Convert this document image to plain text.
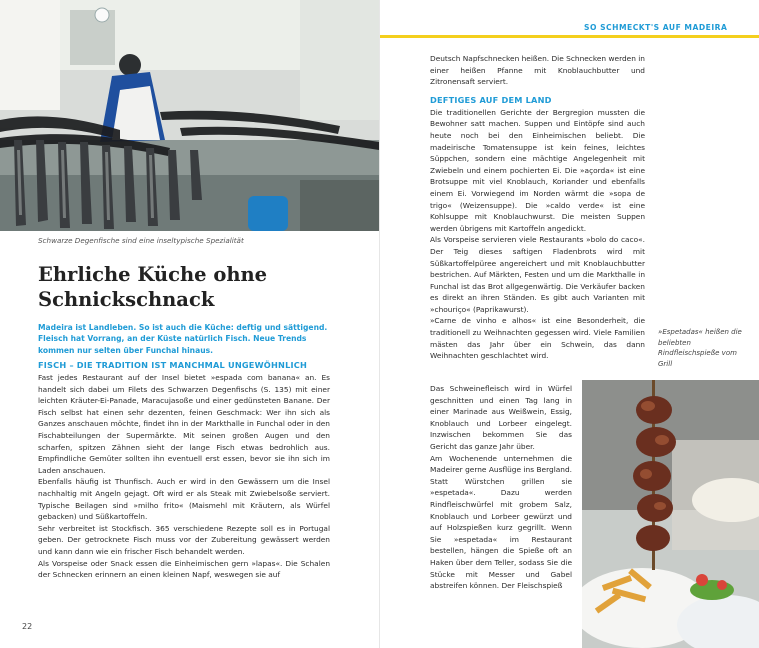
Schwarze Degenfische sind eine inseltypische Spezialität
Ehrliche Küche ohne
Schnickschnack

Madeira ist Landleben. So ist auch die Küche: deftig und sättigend. Fleisch hat Vorrang, an der Küste natürlich Fisch. Neue Trends kommen nur selten über Funchal hinaus.

FISCH – DIE TRADITION IST MANCHMAL UNGEWÖHNLICH

Fast jedes Restaurant auf der Insel bietet »espada com banana« an. Es handelt sich dabei um Filets des Schwarzen Degenfischs (S. 135) mit einer leichten Kräuter-Ei-Panade, Maracujasoße und einer gedünsteten Banane. Der Fisch selbst hat einen sehr dezenten, feinen Geschmack: Wer ihn sich als Ganzes anschauen möchte, findet ihn in der Markthalle in Funchal oder in den Fischabteilungen der Supermärkte. Mit seinen großen Augen und den scharfen, spitzen Zähnen sieht der lange Fisch etwas bedrohlich aus. Empfindliche Gemüter sollten ihn eventuell erst essen, bevor sie ihn sich im Laden anschauen.

Ebenfalls häufig ist Thunfisch. Auch er wird in den Gewässern um die Insel nachhaltig mit Angeln gejagt. Oft wird er als Steak mit Zwiebelsoße serviert. Typische Beilagen sind »milho frito« (Maismehl mit Kräutern, als Würfel gebacken) und Süßkartoffeln.

Sehr verbreitet ist Stockfisch. 365 verschiedene Rezepte soll es in Portugal geben. Der getrocknete Fisch muss vor der Zubereitung gewässert werden und kann dann wie ein frischer Fisch behandelt werden.

Als Vorspeise oder Snack essen die Einheimischen gern »lapas«. Die Schalen der Schnecken erinnern an einen kleinen Napf, weswegen sie auf

22
SO SCHMECKT'S AUF MADEIRA

Deutsch Napfschnecken heißen. Die Schnecken werden in einer heißen Pfanne mit Knoblauchbutter und Zitronensaft serviert.

DEFTIGES AUF DEM LAND

Die traditionellen Gerichte der Bergregion mussten die Bewohner satt machen. Suppen und Eintöpfe sind auch heute noch bei den Einheimischen beliebt. Die madeirische Tomatensuppe ist kein feines, leichtes Süppchen, sondern eine mächtige Angelegenheit mit Zwiebeln und einem pochierten Ei. Die »açorda« ist eine Brotsuppe mit viel Knoblauch, Koriander und ebenfalls einem Ei. Vorwiegend im Norden wärmt die »sopa de trigo« (Weizensuppe). Die »caldo verde« ist eine Kohlsuppe mit Knoblauchwurst. Die meisten Suppen werden übrigens mit Kartoffeln angedickt.

Als Vorspeise servieren viele Restaurants »bolo do caco«. Der Teig dieses saftigen Fladenbrots wird mit Süßkartoffelpüree angereichert und mit Knoblauchbutter bestrichen. Auf Märkten, Festen und um die Markthalle in Funchal ist das Brot allgegenwärtig. Die Verkäufer backen es direkt an ihren Ständen. Es gibt auch Varianten mit »chouriço« (Paprikawurst).

»Carne de vinho e alhos« ist eine Besonderheit, die traditionell zu Weihnachten gegessen wird. Viele Familien mästen das Jahr über ein Schwein, das dann Weihnachten geschlachtet wird.

Das Schweinefleisch wird in Würfel geschnitten und einen Tag lang in einer Marinade aus Weißwein, Essig, Knoblauch und Lorbeer eingelegt. Inzwischen bekommen Sie das Gericht das ganze Jahr über.

Am Wochenende unternehmen die Madeirer gerne Ausflüge ins Bergland. Statt Würstchen grillen sie »espetada«. Dazu werden Rindfleischwürfel mit grobem Salz, Knoblauch und Lorbeer gewürzt und auf Holzspießen kurz gegrillt. Wenn Sie »espetada« im Restaurant bestellen, hängen die Spieße oft an Haken über dem Teller, sodass Sie die Stücke mit Messer und Gabel abstreifen können. Der Fleischspieß

»Espetadas« heißen die beliebten Rindfleischspieße vom Grill
